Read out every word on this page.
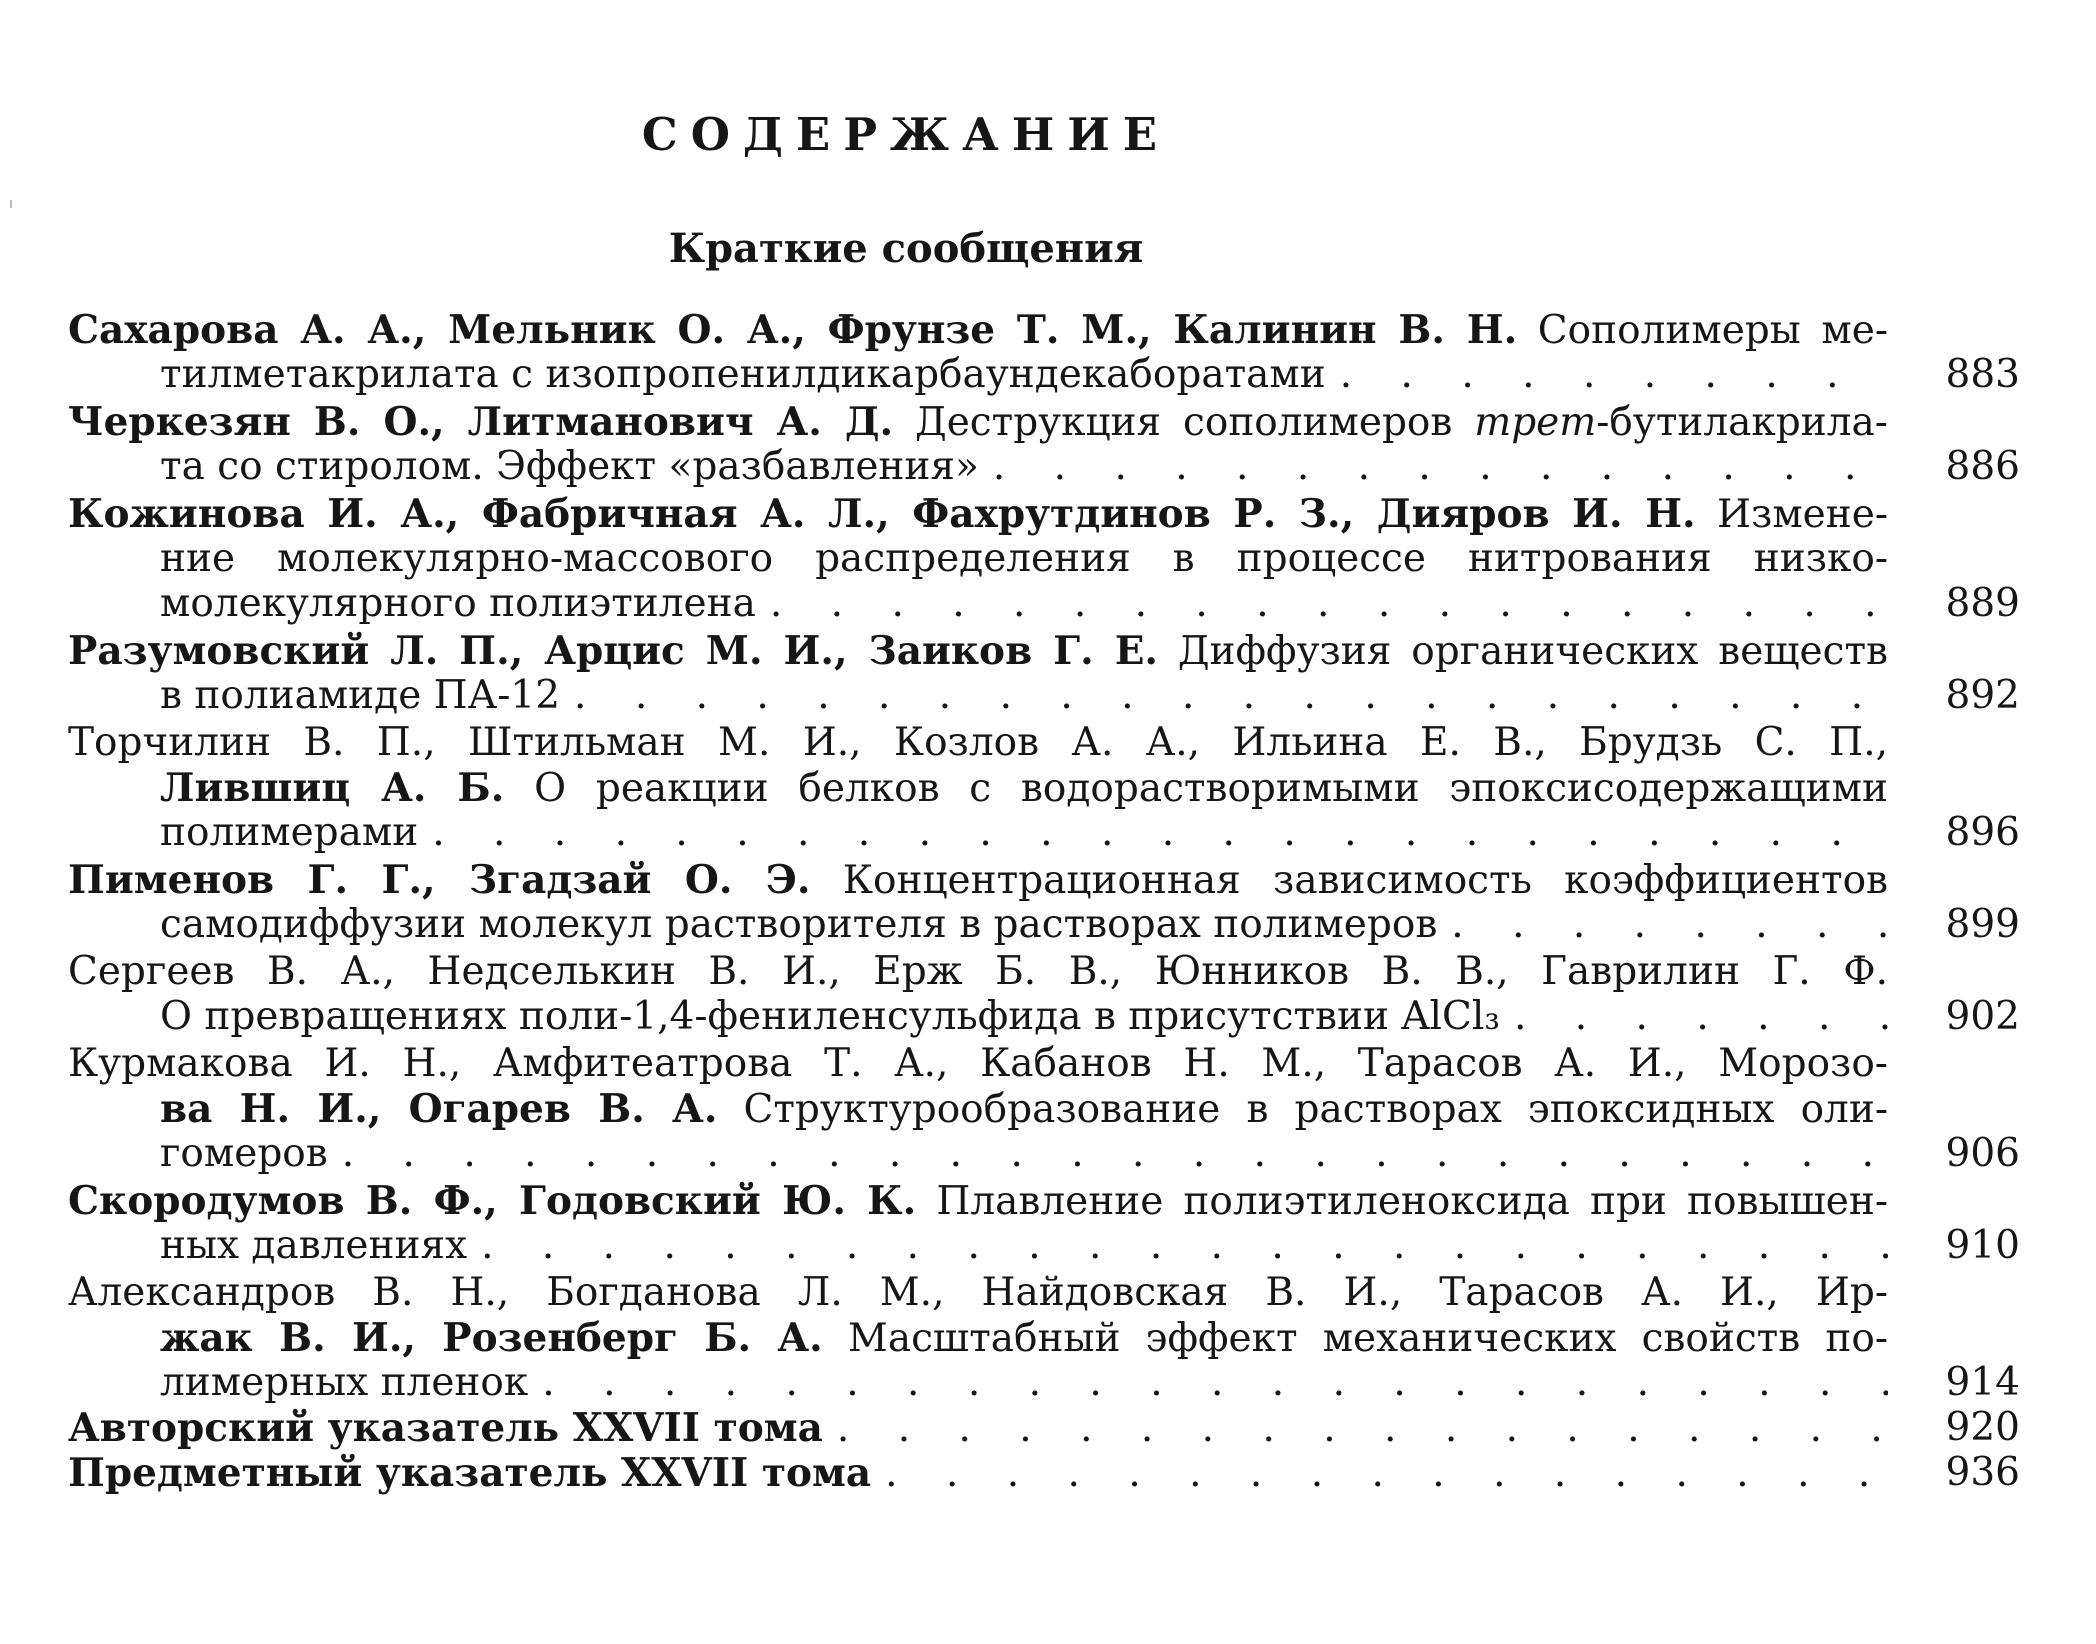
СОДЕРЖАНИЕ
Краткие сообщения
Сахарова А. А., Мельник О. А., Фрунзе Т. М., Калинин В. Н. Сополимеры ме-
тилметакрилата с изопропенилдикарбаундекаборатами . . .	883
Черкезян В. О., Литманович А. Д. Деструкция сополимеров трет-бутилакрила-
та со стиролом. Эффект «разбавления» . . .	886
Кожинова И. А., Фабричная А. Л., Фахрутдинов Р. З., Дияров И. Н. Измене-
ние молекулярно-массового распределения в процессе нитрования низко-
молекулярного полиэтилена . . .	889
Разумовский Л. П., Арцис М. И., Заиков Г. Е. Диффузия органических веществ
в полиамиде ПА-12 . . .	892
Торчилин В. П., Штильман М. И., Козлов А. А., Ильина Е. В., Брудзь С. П.,
Лившиц А. Б. О реакции белков с водорастворимыми эпоксисодержащими
полимерами . . .	896
Пименов Г. Г., Згадзай О. Э. Концентрационная зависимость коэффициентов
самодиффузии молекул растворителя в растворах полимеров . . .	899
Сергеев В. А., Недселькин В. И., Ерж Б. В., Юнников В. В., Гаврилин Г. Ф.
О превращениях поли-1,4-фениленсульфида в присутствии AlCl₃ . . .	902
Курмакова И. Н., Амфитеатрова Т. А., Кабанов Н. М., Тарасов А. И., Морозо-
ва Н. И., Огарев В. А. Структурообразование в растворах эпоксидных оли-
гомеров . . .	906
Скородумов В. Ф., Годовский Ю. К. Плавление полиэтиленоксида при повышен-
ных давлениях . . .	910
Александров В. Н., Богданова Л. М., Найдовская В. И., Тарасов А. И., Ир-
жак В. И., Розенберг Б. А. Масштабный эффект механических свойств по-
лимерных пленок . . .	914
Авторский указатель XXVII тома . . .	920
Предметный указатель XXVII тома . . .	936
